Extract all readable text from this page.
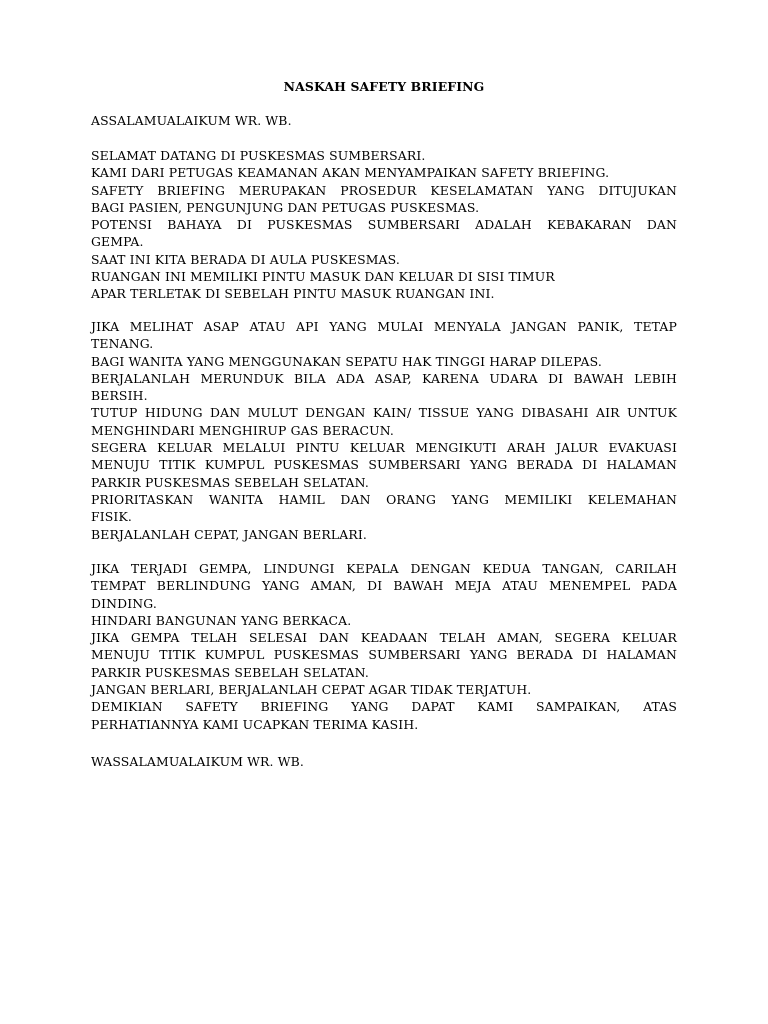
NASKAH SAFETY BRIEFING
ASSALAMUALAIKUM WR. WB.
SELAMAT DATANG DI PUSKESMAS SUMBERSARI.
KAMI DARI PETUGAS KEAMANAN AKAN MENYAMPAIKAN SAFETY BRIEFING.
SAFETY BRIEFING MERUPAKAN PROSEDUR KESELAMATAN YANG DITUJUKAN
BAGI PASIEN, PENGUNJUNG DAN PETUGAS PUSKESMAS.
POTENSI BAHAYA DI PUSKESMAS SUMBERSARI ADALAH KEBAKARAN DAN
GEMPA.
SAAT INI KITA BERADA DI AULA PUSKESMAS.
RUANGAN INI MEMILIKI PINTU MASUK DAN KELUAR DI SISI TIMUR
APAR TERLETAK DI SEBELAH PINTU MASUK RUANGAN INI.
JIKA MELIHAT ASAP ATAU API YANG MULAI MENYALA JANGAN PANIK, TETAP
TENANG.
BAGI WANITA YANG MENGGUNAKAN SEPATU HAK TINGGI HARAP DILEPAS.
BERJALANLAH MERUNDUK BILA ADA ASAP, KARENA UDARA DI BAWAH LEBIH
BERSIH.
TUTUP HIDUNG DAN MULUT DENGAN KAIN/ TISSUE YANG DIBASAHI AIR UNTUK
MENGHINDARI MENGHIRUP GAS BERACUN.
SEGERA KELUAR MELALUI PINTU KELUAR MENGIKUTI ARAH JALUR EVAKUASI
MENUJU TITIK KUMPUL PUSKESMAS SUMBERSARI YANG BERADA DI HALAMAN
PARKIR PUSKESMAS SEBELAH SELATAN.
PRIORITASKAN WANITA HAMIL DAN ORANG YANG MEMILIKI KELEMAHAN
FISIK.
BERJALANLAH CEPAT, JANGAN BERLARI.
JIKA TERJADI GEMPA, LINDUNGI KEPALA DENGAN KEDUA TANGAN, CARILAH
TEMPAT BERLINDUNG YANG AMAN, DI BAWAH MEJA ATAU MENEMPEL PADA
DINDING.
HINDARI BANGUNAN YANG BERKACA.
JIKA GEMPA TELAH SELESAI DAN KEADAAN TELAH AMAN, SEGERA KELUAR
MENUJU TITIK KUMPUL PUSKESMAS SUMBERSARI YANG BERADA DI HALAMAN
PARKIR PUSKESMAS SEBELAH SELATAN.
JANGAN BERLARI, BERJALANLAH CEPAT AGAR TIDAK TERJATUH.
DEMIKIAN SAFETY BRIEFING YANG DAPAT KAMI SAMPAIKAN, ATAS
PERHATIANNYA KAMI UCAPKAN TERIMA KASIH.
WASSALAMUALAIKUM WR. WB.
